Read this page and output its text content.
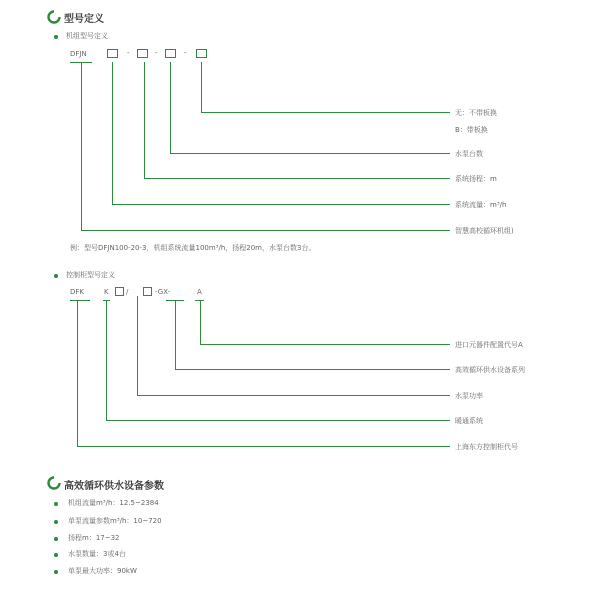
型号定义
机组型号定义
DFJN	-	-	-
无：不带板换
B：带板换
水泵台数
系统扬程：m
系统流量：m³/h
智慧高校循环机组)
例：型号DFJN100-20-3，机组系统流量100m³/h，扬程20m，水泵台数3台。
控制柜型号定义
DFK	K /	-GX-	A
进口元器件配置代号A
高效循环供水设备系列
水泵功率
暖通系统
上海东方控制柜代号
高效循环供水设备参数
机组流量m³/h：12.5~2384
单泵流量参数m³/h：10~720
扬程m：17~32
水泵数量：3或4台
单泵最大功率：90kW
